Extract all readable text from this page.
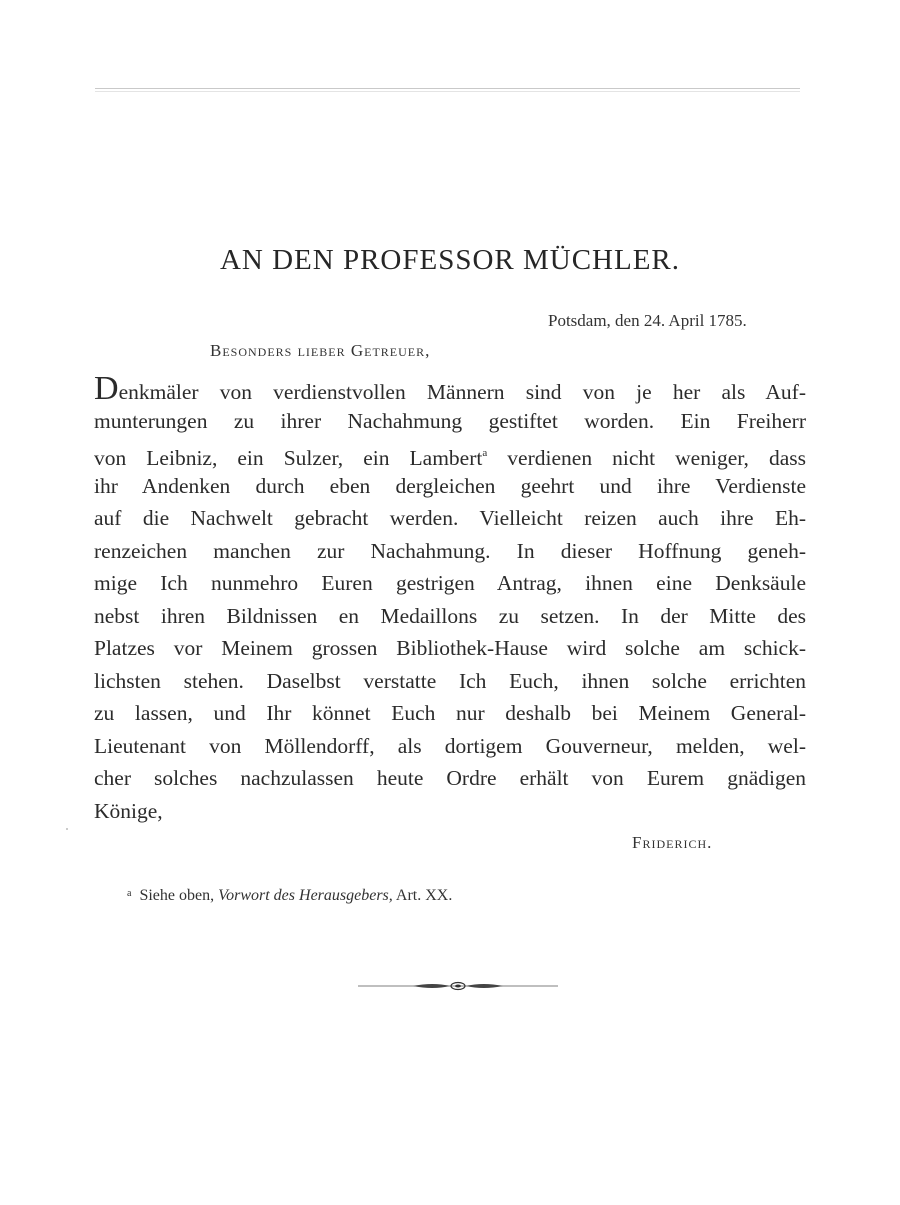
AN DEN PROFESSOR MÜCHLER.
Potsdam, den 24. April 1785.
Besonders lieber Getreuer,
Denkmäler von verdienstvollen Männern sind von je her als Auf-
munterungen zu ihrer Nachahmung gestiftet worden. Ein Freiherr
von Leibniz, ein Sulzer, ein Lambert$^a$ verdienen nicht weniger, dass
ihr Andenken durch eben dergleichen geehrt und ihre Verdienste
auf die Nachwelt gebracht werden. Vielleicht reizen auch ihre Eh-
renzeichen manchen zur Nachahmung. In dieser Hoffnung geneh-
mige Ich nunmehro Euren gestrigen Antrag, ihnen eine Denksäule
nebst ihren Bildnissen en Medaillons zu setzen. In der Mitte des
Platzes vor Meinem grossen Bibliothek-Hause wird solche am schick-
lichsten stehen. Daselbst verstatte Ich Euch, ihnen solche errichten
zu lassen, und Ihr könnet Euch nur deshalb bei Meinem General-
Lieutenant von Möllendorff, als dortigem Gouverneur, melden, wel-
cher solches nachzulassen heute Ordre erhält von Eurem gnädigen
Könige,
Friderich.
$^a$ Siehe oben, Vorwort des Herausgebers, Art. XX.
